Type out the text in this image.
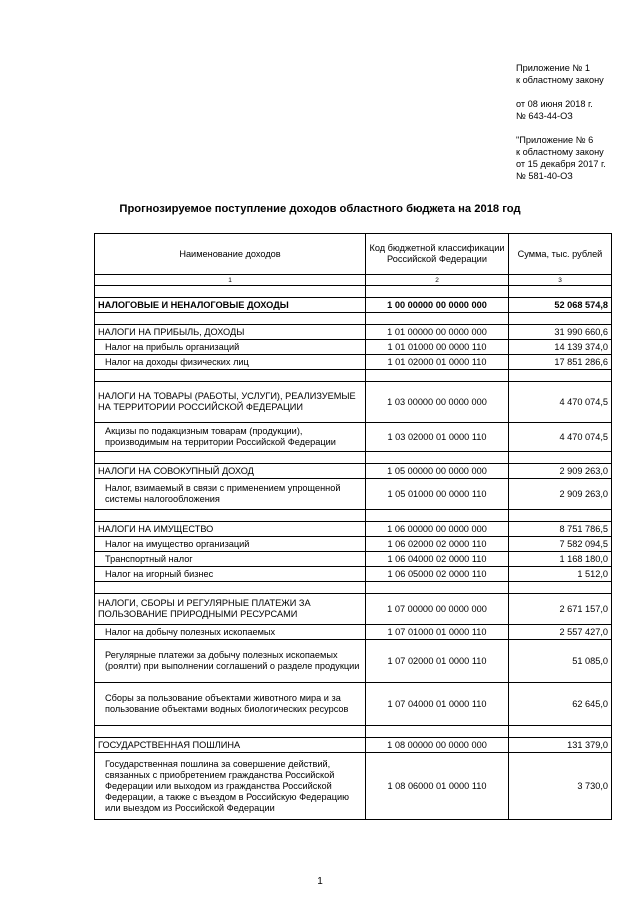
Приложение № 1
к областному закону
от 08 июня 2018 г.
№ 643-44-ОЗ
"Приложение № 6
к областному закону
от 15 декабря 2017 г.
№ 581-40-ОЗ
Прогнозируемое поступление доходов областного бюджета на 2018 год
Наименование доходов	Код бюджетной классификации Российской Федерации	Сумма, тыс. рублей
1	2	3

НАЛОГОВЫЕ И НЕНАЛОГОВЫЕ ДОХОДЫ	1 00 00000 00 0000 000	52 068 574,8

НАЛОГИ НА ПРИБЫЛЬ, ДОХОДЫ	1 01 00000 00 0000 000	31 990 660,6
Налог на прибыль организаций	1 01 01000 00 0000 110	14 139 374,0
Налог на доходы физических лиц	1 01 02000 01 0000 110	17 851 286,6

НАЛОГИ НА ТОВАРЫ (РАБОТЫ, УСЛУГИ), РЕАЛИЗУЕМЫЕ НА ТЕРРИТОРИИ РОССИЙСКОЙ ФЕДЕРАЦИИ	1 03 00000 00 0000 000	4 470 074,5
Акцизы по подакцизным товарам (продукции), производимым на территории Российской Федерации	1 03 02000 01 0000 110	4 470 074,5

НАЛОГИ НА СОВОКУПНЫЙ ДОХОД	1 05 00000 00 0000 000	2 909 263,0
Налог, взимаемый в связи с применением упрощенной системы налогообложения	1 05 01000 00 0000 110	2 909 263,0

НАЛОГИ НА ИМУЩЕСТВО	1 06 00000 00 0000 000	8 751 786,5
Налог на имущество организаций	1 06 02000 02 0000 110	7 582 094,5
Транспортный налог	1 06 04000 02 0000 110	1 168 180,0
Налог на игорный бизнес	1 06 05000 02 0000 110	1 512,0

НАЛОГИ, СБОРЫ И РЕГУЛЯРНЫЕ ПЛАТЕЖИ ЗА ПОЛЬЗОВАНИЕ ПРИРОДНЫМИ РЕСУРСАМИ	1 07 00000 00 0000 000	2 671 157,0
Налог на добычу полезных ископаемых	1 07 01000 01 0000 110	2 557 427,0
Регулярные платежи за добычу полезных ископаемых (роялти) при выполнении соглашений о разделе продукции	1 07 02000 01 0000 110	51 085,0
Сборы за пользование объектами животного мира и за пользование объектами водных биологических ресурсов	1 07 04000 01 0000 110	62 645,0

ГОСУДАРСТВЕННАЯ ПОШЛИНА	1 08 00000 00 0000 000	131 379,0
Государственная пошлина за совершение действий, связанных с приобретением гражданства Российской Федерации или выходом из гражданства Российской Федерации, а также с въездом в Российскую Федерацию или выездом из Российской Федерации	1 08 06000 01 0000 110	3 730,0
1
